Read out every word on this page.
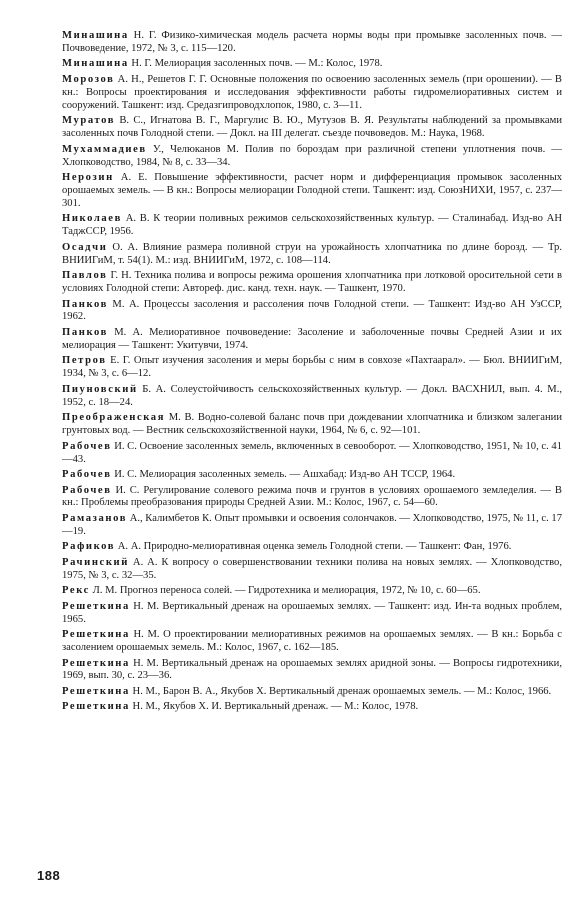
Минашина Н. Г. Физико-химическая модель расчета нормы воды при промывке засоленных почв. — Почвоведение, 1972, № 3, с. 115—120.

Минашина Н. Г. Мелиорация засоленных почв. — М.: Колос, 1978.

Морозов А. Н., Решетов Г. Г. Основные положения по освоению засоленных земель (при орошении). — В кн.: Вопросы проектирования и исследования эффективности работы гидромелиоративных систем и сооружений. Ташкент: изд. Средазгипроводхлопок, 1980, с. 3—11.

Муратов В. С., Игнатова В. Г., Маргулис В. Ю., Мутузов В. Я. Результаты наблюдений за промывками засоленных почв Голодной степи. — Докл. на III делегат. съезде почвоведов. М.: Наука, 1968.

Мухаммадиев У., Челюканов М. Полив по бороздам при различной степени уплотнения почв. — Хлопководство, 1984, № 8, с. 33—34.

Нерозин А. Е. Повышение эффективности, расчет норм и дифференциация промывок засоленных орошаемых земель. — В кн.: Вопросы мелиорации Голодной степи. Ташкент: изд. СоюзНИХИ, 1957, с. 237—301.

Николаев А. В. К теории поливных режимов сельскохозяйственных культур. — Сталинабад. Изд-во АН ТаджССР, 1956.

Осадчи О. А. Влияние размера поливной струи на урожайность хлопчатника по длине борозд. — Тр. ВНИИГиМ, т. 54(1). М.: изд. ВНИИГиМ, 1972, с. 108—114.

Павлов Г. Н. Техника полива и вопросы режима орошения хлопчатника при лотковой оросительной сети в условиях Голодной степи: Автореф. дис. канд. техн. наук. — Ташкент, 1970.

Панков М. А. Процессы засоления и рассоления почв Голодной степи. — Ташкент: Изд-во АН УзССР, 1962.

Панков М. А. Мелиоративное почвоведение: Засоление и заболоченные почвы Средней Азии и их мелиорация — Ташкент: Укитувчи, 1974.

Петров Е. Г. Опыт изучения засоления и меры борьбы с ним в совхозе «Пахтаарал». — Бюл. ВНИИГиМ, 1934, № 3, с. 6—12.

Пиуновский Б. А. Солеустойчивость сельскохозяйственных культур. — Докл. ВАСХНИЛ, вып. 4. М., 1952, с. 18—24.

Преображенская М. В. Водно-солевой баланс почв при дождевании хлопчатника и близком залегании грунтовых вод. — Вестник сельскохозяйственной науки, 1964, № 6, с. 92—101.

Рабочев И. С. Освоение засоленных земель, включенных в севооборот. — Хлопководство, 1951, № 10, с. 41—43.

Рабочев И. С. Мелиорация засоленных земель. — Ашхабад: Изд-во АН ТССР, 1964.

Рабочев И. С. Регулирование солевого режима почв и грунтов в условиях орошаемого земледелия. — В кн.: Проблемы преобразования природы Средней Азии. М.: Колос, 1967, с. 54—60.

Рамазанов А., Калимбетов К. Опыт промывки и освоения солончаков. — Хлопководство, 1975, № 11, с. 17—19.

Рафиков А. А. Природно-мелиоративная оценка земель Голодной степи. — Ташкент: Фан, 1976.

Рачинский А. А. К вопросу о совершенствовании техники полива на новых землях. — Хлопководство, 1975, № 3, с. 32—35.

Рекс Л. М. Прогноз переноса солей. — Гидротехника и мелиорация, 1972, № 10, с. 60—65.

Решеткина Н. М. Вертикальный дренаж на орошаемых землях. — Ташкент: изд. Ин-та водных проблем, 1965.

Решеткина Н. М. О проектировании мелиоративных режимов на орошаемых землях. — В кн.: Борьба с засолением орошаемых земель. М.: Колос, 1967, с. 162—185.

Решеткина Н. М. Вертикальный дренаж на орошаемых землях аридной зоны. — Вопросы гидротехники, 1969, вып. 30, с. 23—36.

Решеткина Н. М., Барон В. А., Якубов Х. Вертикальный дренаж орошаемых земель. — М.: Колос, 1966.

Решеткина Н. М., Якубов Х. И. Вертикальный дренаж. — М.: Колос, 1978.

188
